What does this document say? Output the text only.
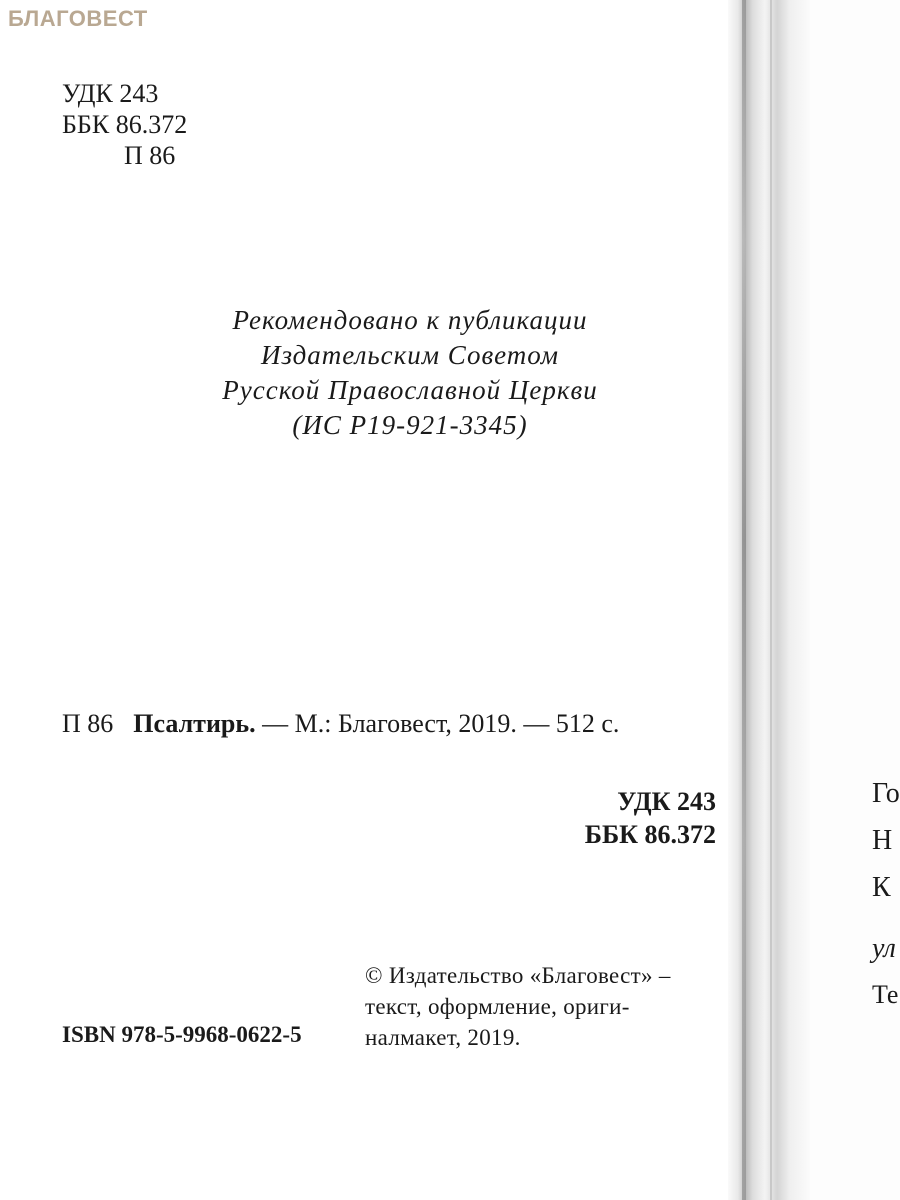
БЛАГОВЕСТ
УДК 243
ББК 86.372
П 86
Рекомендовано к публикации
Издательским Советом
Русской Православной Церкви
(ИС Р19-921-3345)
П 86 Псалтирь. — М.: Благовест, 2019. — 512 с.
УДК 243
ББК 86.372
© Издательство «Благовест» –
текст, оформление, ориги-
налмакет, 2019.
ISBN 978-5-9968-0622-5
Го
Н
К
ул
Те
